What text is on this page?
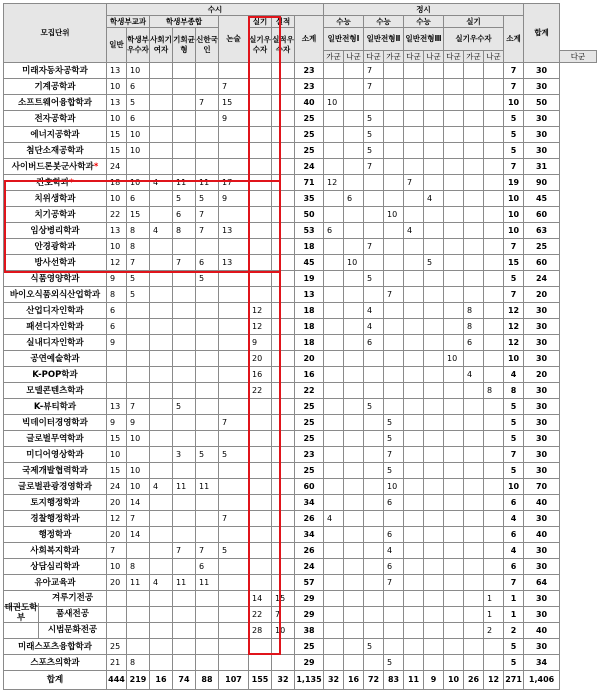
모집단위	수시									정시										합계	
	학생부교과		학생부종합			논술	실기	실적	소계	수능		수능		수능		실기			소계		
	일반	학생부우수자	사회기여자	기회균형	신한국인		실기우수자	실적우수자		일반전형Ⅰ		일반전형Ⅱ		일반전형Ⅲ		실기우수자					
										가군	나군	다군	가군	다군	나군	다군	가군	나군			다군
미래자동차공학과	13	10							23			7							7	30	
기계공학과	10	6				7			23			7							7	30	
소프트웨어융합학과	13	5			7	15			40	10									10	50	
전자공학과	10	6				9			25			5							5	30	
에너지공학과	15	10							25			5							5	30	
첨단소재공학과	15	10							25			5							5	30	
사이버드론봇군사학과*	24								24			7							7	31	
간호학과*	18	10	4	11	11	17			71	12				7					19	90	
치위생학과	10	6		5	5	9			35		6				4				10	45	
치기공학과	22	15		6	7				50				10						10	60	
임상병리학과	13	8	4	8	7	13			53	6				4					10	63	
안경광학과	10	8							18			7							7	25	
방사선학과	12	7		7	6	13			45		10				5				15	60	
식품영양학과	9	5			5				19			5							5	24	
바이오식품외식산업학과	8	5							13				7						7	20	
산업디자인학과	6						12		18			4					8		12	30	
패션디자인학과	6						12		18			4					8		12	30	
실내디자인학과	9						9		18			6					6		12	30	
공연예술학과							20		20							10			10	30	
K-POP학과							16		16								4		4	20	
모델콘텐츠학과							22		22									8	8	30	
K-뷰티학과	13	7		5					25			5							5	30	
빅데이터경영학과	9	9				7			25				5						5	30	
글로벌무역학과	15	10							25				5						5	30	
미디어영상학과	10			3	5	5			23				7						7	30	
국제개발협력학과	15	10							25				5						5	30	
글로벌관광경영학과	24	10	4	11	11				60				10						10	70	
토지행정학과	20	14							34				6						6	40	
경찰행정학과	12	7				7			26	4									4	30	
행정학과	20	14							34				6						6	40	
사회복지학과	7			7	7	5			26				4						4	30	
상담심리학과	10	8			6				24				6						6	30	
유아교육과	20	11	4	11	11				57				7						7	64	

태권도학부
겨루기전공							14	15	29									1	1	30	

품새전공							22	7	29									1	1	30	

시범문화전공							28	10	38									2	2	40	
미래스포츠융합학과	25								25			5							5	30	
스포츠의학과	21	8							29				5						5	34	
합계	444	219	16	74	88	107	155	32	1,135	32	16	72	83	11	9	10	26	12	271	1,406	
